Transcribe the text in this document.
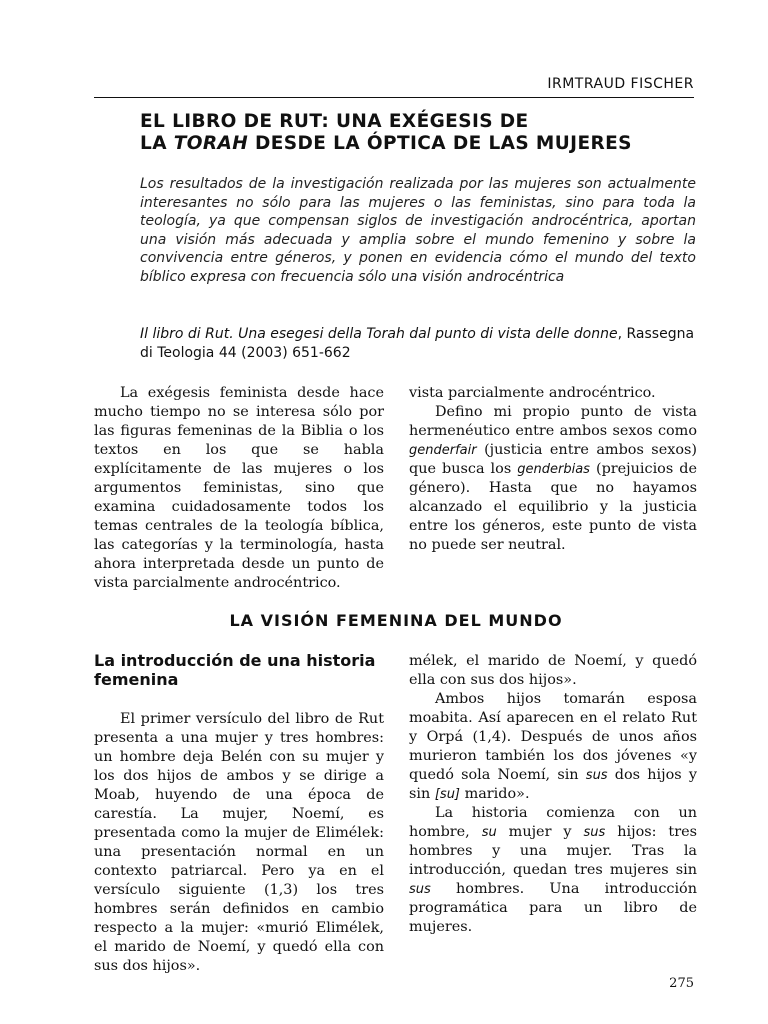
IRMTRAUD FISCHER
EL LIBRO DE RUT: UNA EXÉGESIS DE
LA TORAH DESDE LA ÓPTICA DE LAS MUJERES
Los resultados de la investigación realizada por las mujeres son actualmente interesantes no sólo para las mujeres o las feministas, sino para toda la teología, ya que compensan siglos de investigación androcéntrica, aportan una visión más adecuada y amplia sobre el mundo femenino y sobre la convivencia entre géneros, y ponen en evidencia cómo el mundo del texto bíblico expresa con frecuencia sólo una visión androcéntrica
Il libro di Rut. Una esegesi della Torah dal punto di vista delle donne, Rassegna di Teologia 44 (2003) 651-662

La exégesis feminista desde hace mucho tiempo no se interesa sólo por las figuras femeninas de la Biblia o los textos en los que se habla explícitamente de las mujeres o los argumentos feministas, sino que examina cuidadosamente todos los temas centrales de la teología bíblica, las categorías y la terminología, hasta ahora interpretada desde un punto de vista parcialmente androcéntrico.

vista parcialmente androcéntrico.

Defino mi propio punto de vista hermenéutico entre ambos sexos como genderfair (justicia entre ambos sexos) que busca los genderbias (prejuicios de género). Hasta que no hayamos alcanzado el equilibrio y la justicia entre los géneros, este punto de vista no puede ser neutral.

LA VISIÓN FEMENINA DEL MUNDO
La introducción de una historia femenina

El primer versículo del libro de Rut presenta a una mujer y tres hombres: un hombre deja Belén con su mujer y los dos hijos de ambos y se dirige a Moab, huyendo de una época de carestía. La mujer, Noemí, es presentada como la mujer de Elimélek: una presentación normal en un contexto patriarcal. Pero ya en el versículo siguiente (1,3) los tres hombres serán definidos en cambio respecto a la mujer: «murió Elimélek, el marido de Noemí, y quedó ella con sus dos hijos».

mélek, el marido de Noemí, y quedó ella con sus dos hijos».

Ambos hijos tomarán esposa moabita. Así aparecen en el relato Rut y Orpá (1,4). Después de unos años murieron también los dos jóvenes «y quedó sola Noemí, sin sus dos hijos y sin [su] marido».

La historia comienza con un hombre, su mujer y sus hijos: tres hombres y una mujer. Tras la introducción, quedan tres mujeres sin sus hombres. Una introducción programática para un libro de mujeres.

275
